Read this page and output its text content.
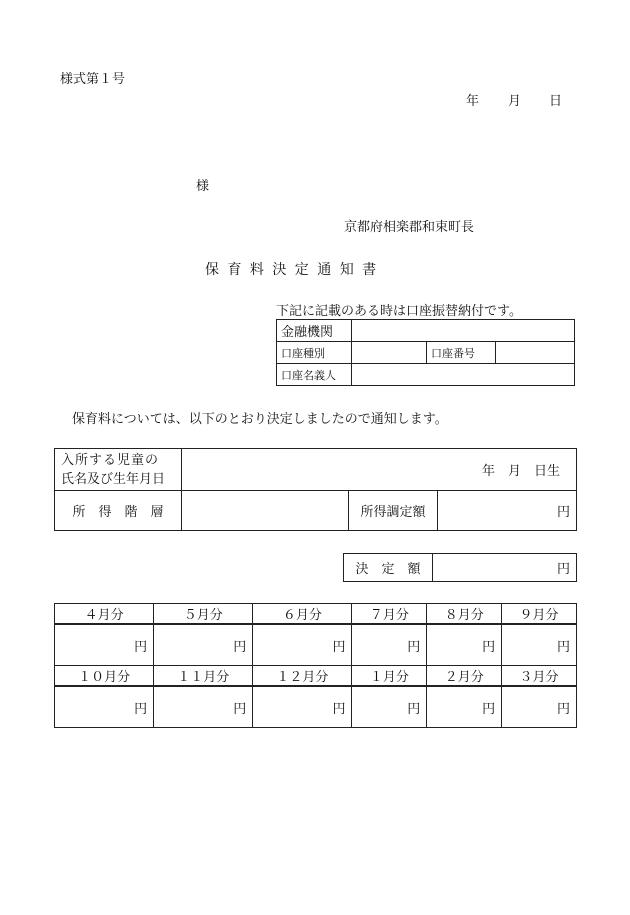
様式第１号
年 月 日
様
京都府相楽郡和束町長
保 育 料 決 定 通 知 書
下記に記載のある時は口座振替納付です。
金融機関			
口座種別		口座番号	
口座名義人			
保育料については、以下のとおり決定しましたので通知します。
入所する児童の
氏名及び生年月日	年　月　日生		
所　得　階　層		所得調定額	円
決　定　額	円
４月分	５月分	６月分	７月分	８月分	９月分
円	円	円	円	円	円
１０月分	１１月分	１２月分	１月分	２月分	３月分
円	円	円	円	円	円
